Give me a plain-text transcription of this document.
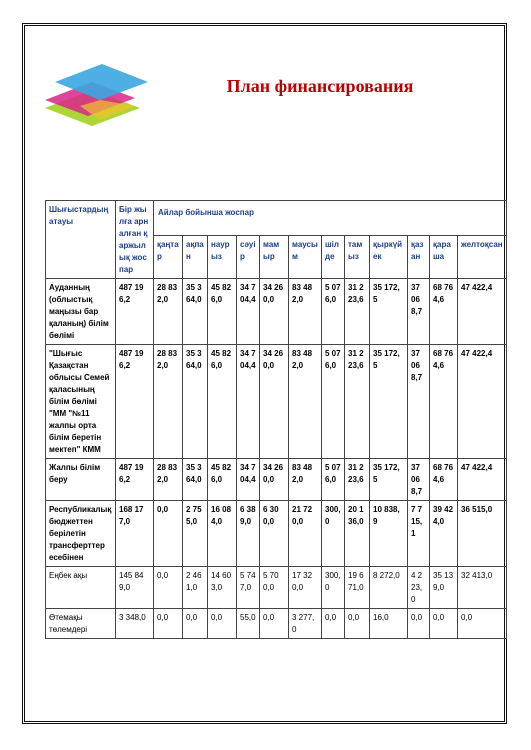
План финансирования
Шығыстардың атауы	Бір жылға арналған қаржылық жоспар	Айлар бойынша жоспар											
		қаңтар	ақпан	наурыз	сәуір	мамыр	маусым	шілде	тамыз	қыркүйек	қазан	қараша	желтоқсан
Ауданның (облыстық маңызы бар қаланың) білім бөлімі	487 196,2	28 832,0	35 364,0	45 826,0	34 704,4	34 260,0	83 482,0	5 076,0	31 223,6	35 172,5	37 068,7	68 764,6	47 422,4
"Шығыс Қазақстан облысы Семей қаласының білім бөлімі "ММ "№11 жалпы орта білім беретін мектеп" КММ	487 196,2	28 832,0	35 364,0	45 826,0	34 704,4	34 260,0	83 482,0	5 076,0	31 223,6	35 172,5	37 068,7	68 764,6	47 422,4
Жалпы білім беру	487 196,2	28 832,0	35 364,0	45 826,0	34 704,4	34 260,0	83 482,0	5 076,0	31 223,6	35 172,5	37 068,7	68 764,6	47 422,4
Республикалық бюджеттен берілетін трансферттер есебінен	168 177,0	0,0	2 755,0	16 084,0	6 389,0	6 300,0	21 720,0	300,0	20 136,0	10 838,9	7 715,1	39 424,0	36 515,0
Еңбек ақы	145 849,0	0,0	2 461,0	14 603,0	5 747,0	5 700,0	17 320,0	300,0	19 671,0	8 272,0	4 223,0	35 139,0	32 413,0
Өтемақы төлемдері	3 348,0	0,0	0,0	0,0	55,0	0,0	3 277,0	0,0	0,0	16,0	0,0	0,0	0,0
